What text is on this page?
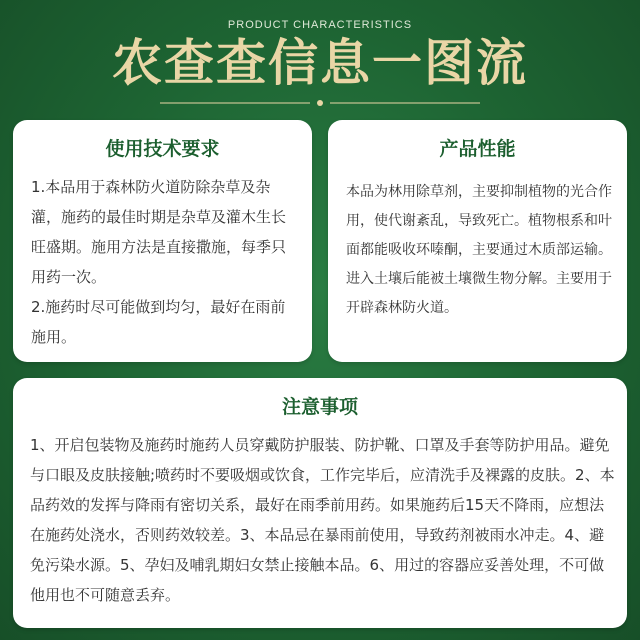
PRODUCT CHARACTERISTICS
农查查信息一图流
使用技术要求

1.本品用于森林防火道防除杂草及杂灌，施药的最佳时期是杂草及灌木生长旺盛期。施用方法是直接撒施，每季只用药一次。

2.施药时尽可能做到均匀，最好在雨前施用。

产品性能

本品为林用除草剂，主要抑制植物的光合作用，使代谢紊乱，导致死亡。植物根系和叶面都能吸收环嗪酮，主要通过木质部运输。进入土壤后能被土壤微生物分解。主要用于开辟森林防火道。

注意事项

1、开启包装物及施药时施药人员穿戴防护服装、防护靴、口罩及手套等防护用品。避免与口眼及皮肤接触;喷药时不要吸烟或饮食，工作完毕后，应清洗手及裸露的皮肤。2、本品药效的发挥与降雨有密切关系，最好在雨季前用药。如果施药后15天不降雨，应想法在施药处浇水，否则药效较差。3、本品忌在暴雨前使用，导致药剂被雨水冲走。4、避免污染水源。5、孕妇及哺乳期妇女禁止接触本品。6、用过的容器应妥善处理，不可做他用也不可随意丢弃。
